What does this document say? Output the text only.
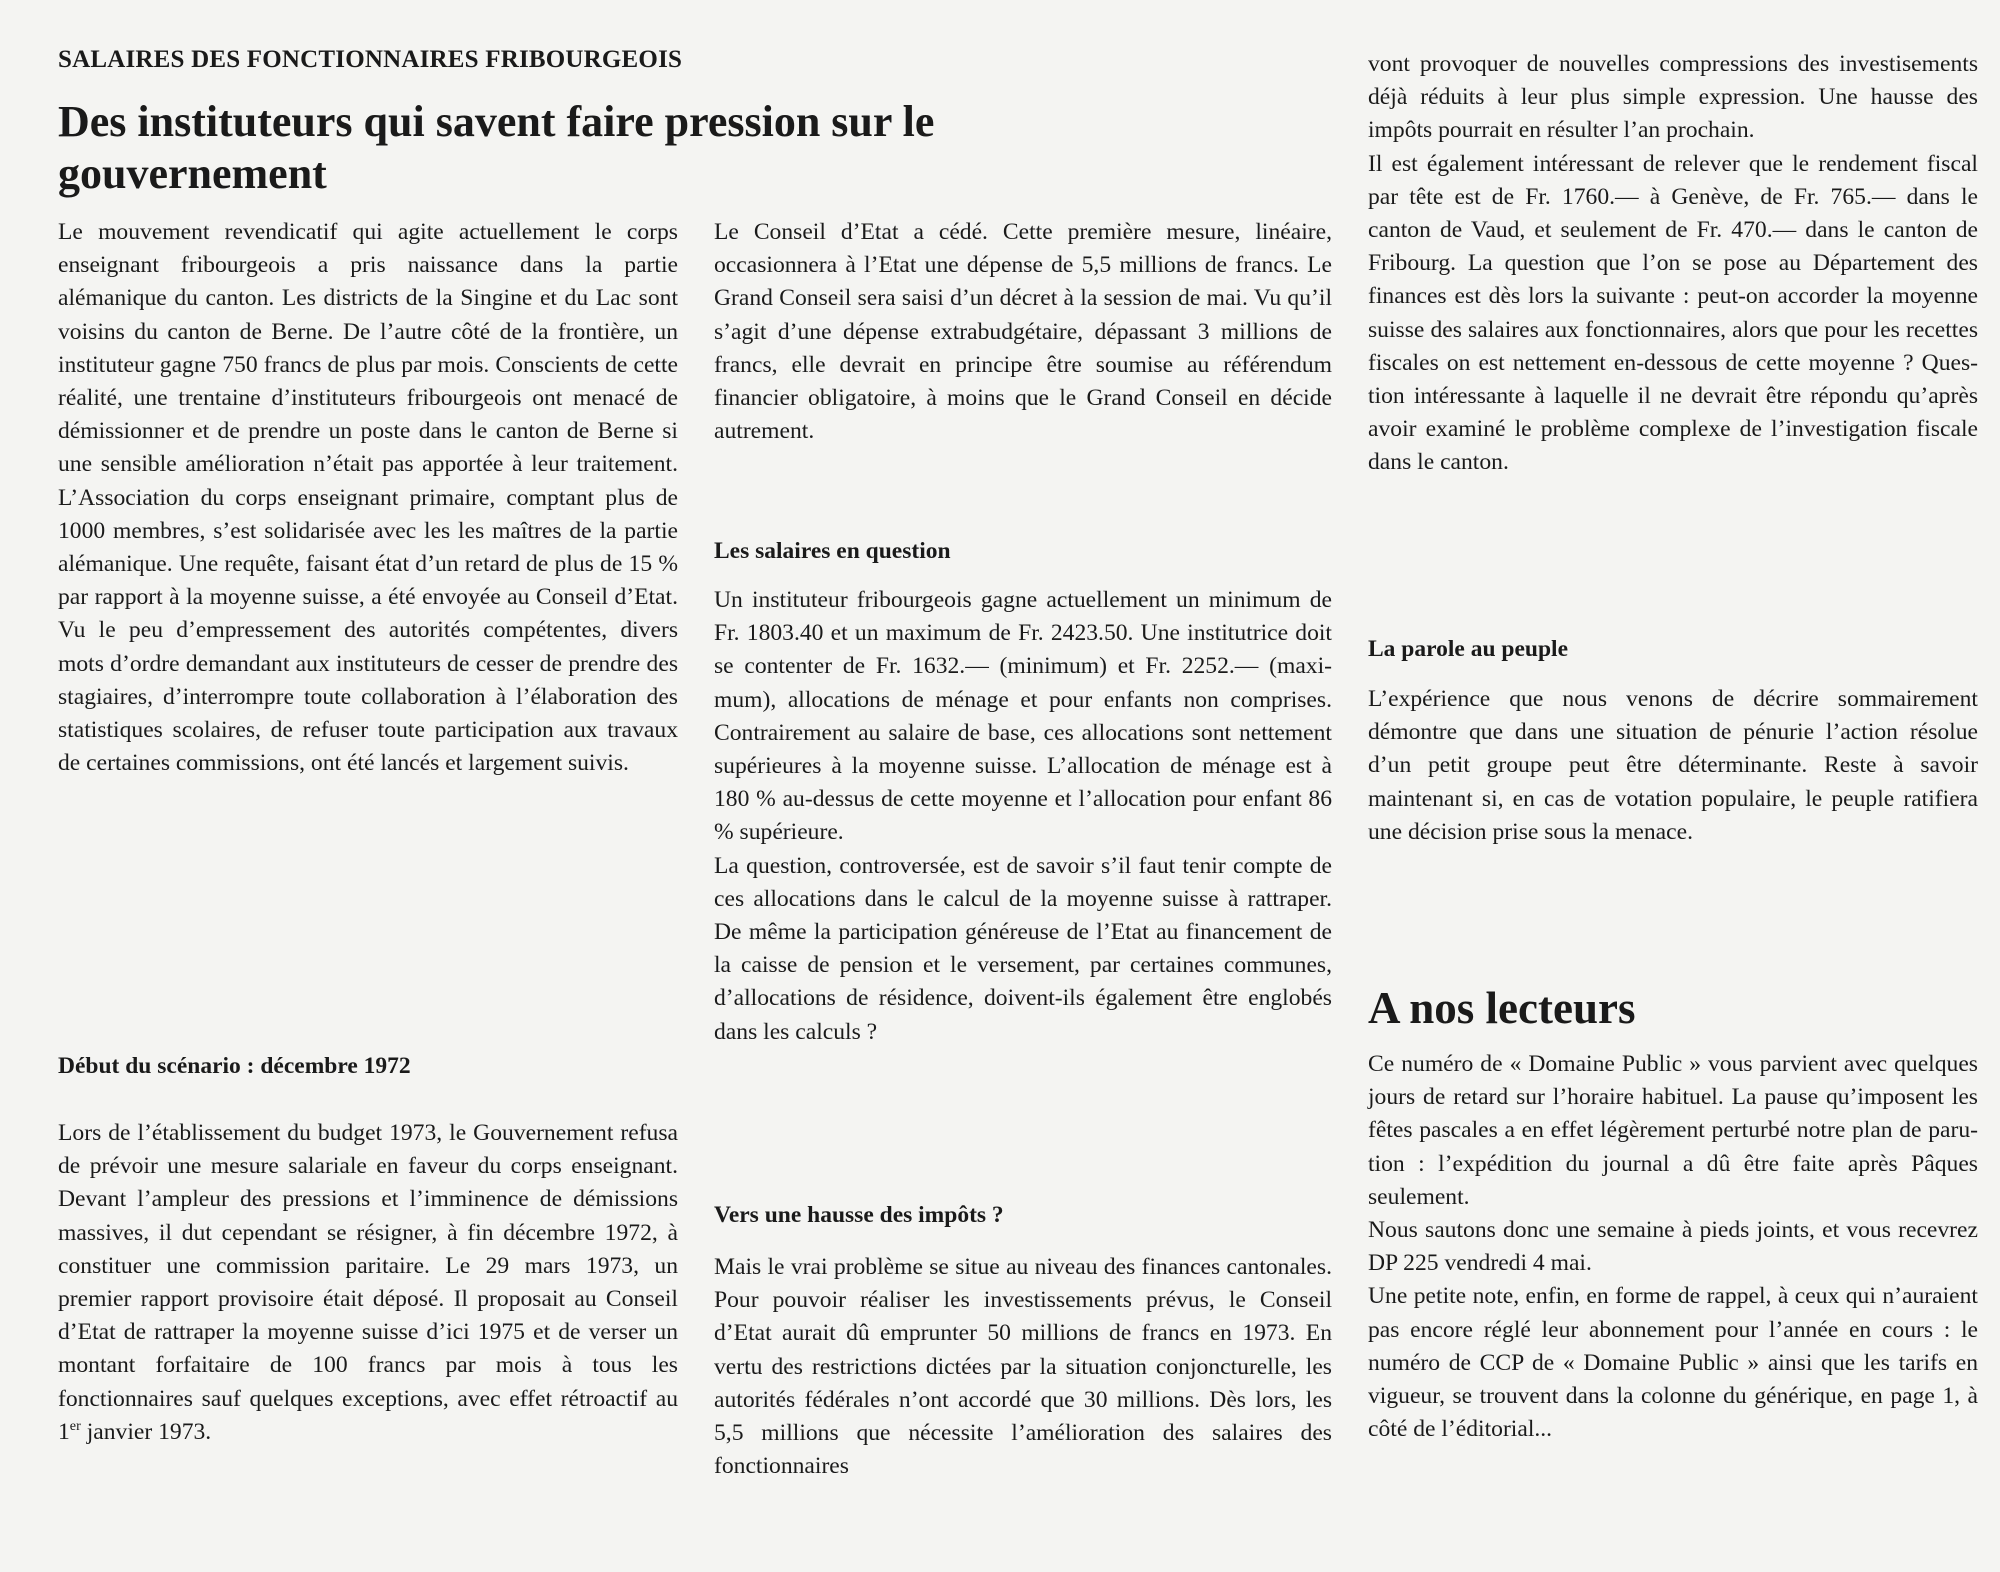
SALAIRES DES FONCTIONNAIRES FRIBOURGEOIS
Des instituteurs qui savent faire pression sur le gouvernement

Le mouvement revendicatif qui agite actuellement le corps enseignant fribourgeois a pris naissance dans la partie alémanique du canton. Les districts de la Singine et du Lac sont voisins du canton de Berne. De l’autre côté de la frontière, un instituteur gagne 750 francs de plus par mois. Conscients de cette réalité, une trentaine d’instituteurs fribourgeois ont menacé de démissionner et de prendre un poste dans le canton de Berne si une sensible amélioration n’était pas apportée à leur traitement. L’Association du corps enseignant primaire, comptant plus de 1000 membres, s’est solidarisée avec les les maîtres de la partie alémanique. Une requête, faisant état d’un retard de plus de 15 % par rapport à la moyenne suisse, a été envoyée au Conseil d’Etat. Vu le peu d’empressement des autorités compétentes, divers mots d’ordre demandant aux instituteurs de cesser de prendre des stagiaires, d’interrompre toute collaboration à l’élaboration des statistiques scolaires, de refuser toute participation aux travaux de certaines commissions, ont été lancés et largement suivis.

Début du scénario : décembre 1972

Lors de l’établissement du budget 1973, le Gouvernement refusa de prévoir une mesure salariale en faveur du corps enseignant. Devant l’ampleur des pressions et l’imminence de démissions massives, il dut cependant se résigner, à fin décembre 1972, à constituer une commission paritaire. Le 29 mars 1973, un premier rapport provisoire était déposé. Il proposait au Conseil d’Etat de rattraper la moyenne suisse d’ici 1975 et de verser un montant forfaitaire de 100 francs par mois à tous les fonctionnaires sauf quelques exceptions, avec effet rétroactif au 1er janvier 1973.

Le Conseil d’Etat a cédé. Cette première mesure, linéaire, occasionnera à l’Etat une dépense de 5,5 millions de francs. Le Grand Conseil sera saisi d’un décret à la session de mai. Vu qu’il s’agit d’une dépense extrabudgétaire, dépassant 3 millions de francs, elle devrait en principe être soumise au référendum financier obligatoire, à moins que le Grand Conseil en décide autrement.

Les salaires en question

Un instituteur fribourgeois gagne actuellement un minimum de Fr. 1803.40 et un maximum de Fr. 2423.50. Une institutrice doit se contenter de Fr. 1632.— (minimum) et Fr. 2252.— (maximum), allocations de ménage et pour enfants non comprises. Contrairement au salaire de base, ces allocations sont nettement supérieures à la moyenne suisse. L’allocation de ménage est à 180 % au-dessus de cette moyenne et l’allocation pour enfant 86 % supérieure.

La question, controversée, est de savoir s’il faut tenir compte de ces allocations dans le calcul de la moyenne suisse à rattraper. De même la participation généreuse de l’Etat au financement de la caisse de pension et le versement, par certaines communes, d’allocations de résidence, doivent-ils également être englobés dans les calculs ?

Vers une hausse des impôts ?

Mais le vrai problème se situe au niveau des finances cantonales. Pour pouvoir réaliser les investissements prévus, le Conseil d’Etat aurait dû emprunter 50 millions de francs en 1973. En vertu des restrictions dictées par la situation conjoncturelle, les autorités fédérales n’ont accordé que 30 millions. Dès lors, les 5,5 millions que nécessite l’amélioration des salaires des fonctionnaires

vont provoquer de nouvelles compressions des investisements déjà réduits à leur plus simple expression. Une hausse des impôts pourrait en résulter l’an prochain.

Il est également intéressant de relever que le rendement fiscal par tête est de Fr. 1760.— à Genève, de Fr. 765.— dans le canton de Vaud, et seulement de Fr. 470.— dans le canton de Fribourg. La question que l’on se pose au Département des finances est dès lors la suivante : peut-on accorder la moyenne suisse des salaires aux fonctionnaires, alors que pour les recettes fiscales on est nettement en-dessous de cette moyenne ? Question intéressante à laquelle il ne devrait être répondu qu’après avoir examiné le problème complexe de l’investigation fiscale dans le canton.

La parole au peuple

L’expérience que nous venons de décrire sommairement démontre que dans une situation de pénurie l’action résolue d’un petit groupe peut être déterminante. Reste à savoir maintenant si, en cas de votation populaire, le peuple ratifiera une décision prise sous la menace.

A nos lecteurs

Ce numéro de « Domaine Public » vous parvient avec quelques jours de retard sur l’horaire habituel. La pause qu’imposent les fêtes pascales a en effet légèrement perturbé notre plan de parution : l’expédition du journal a dû être faite après Pâques seulement.

Nous sautons donc une semaine à pieds joints, et vous recevrez DP 225 vendredi 4 mai.

Une petite note, enfin, en forme de rappel, à ceux qui n’auraient pas encore réglé leur abonnement pour l’année en cours : le numéro de CCP de « Domaine Public » ainsi que les tarifs en vigueur, se trouvent dans la colonne du générique, en page 1, à côté de l’éditorial...
